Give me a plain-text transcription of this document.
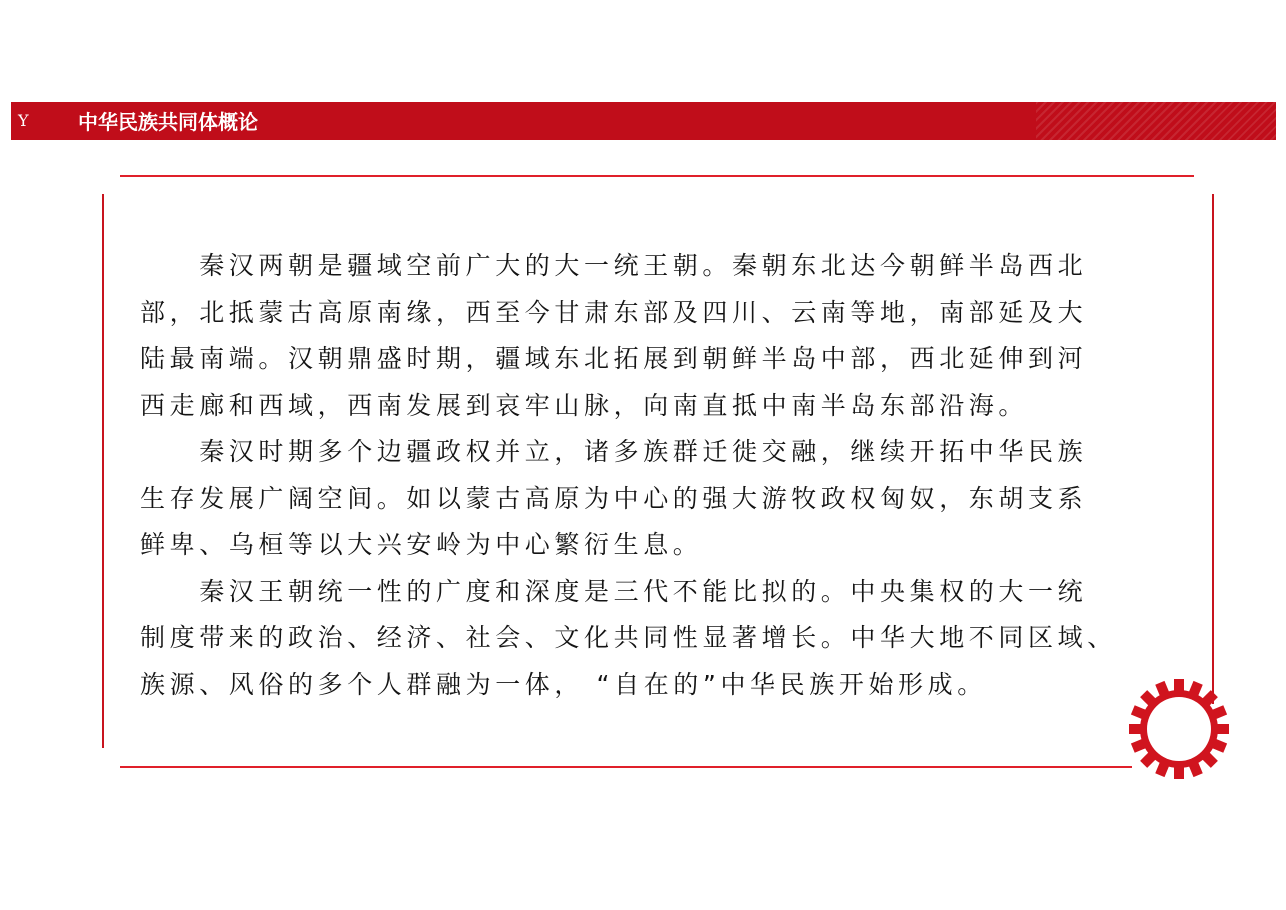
Y 中华民族共同体概论
　　秦汉两朝是疆域空前广大的大一统王朝。秦朝东北达今朝鲜半岛西北
部，北抵蒙古高原南缘，西至今甘肃东部及四川、云南等地，南部延及大
陆最南端。汉朝鼎盛时期，疆域东北拓展到朝鲜半岛中部，西北延伸到河
西走廊和西域，西南发展到哀牢山脉，向南直抵中南半岛东部沿海。
　　秦汉时期多个边疆政权并立，诸多族群迁徙交融，继续开拓中华民族
生存发展广阔空间。如以蒙古高原为中心的强大游牧政权匈奴，东胡支系
鲜卑、乌桓等以大兴安岭为中心繁衍生息。
　　秦汉王朝统一性的广度和深度是三代不能比拟的。中央集权的大一统
制度带来的政治、经济、社会、文化共同性显著增长。中华大地不同区域、
族源、风俗的多个人群融为一体， “自在的”中华民族开始形成。
